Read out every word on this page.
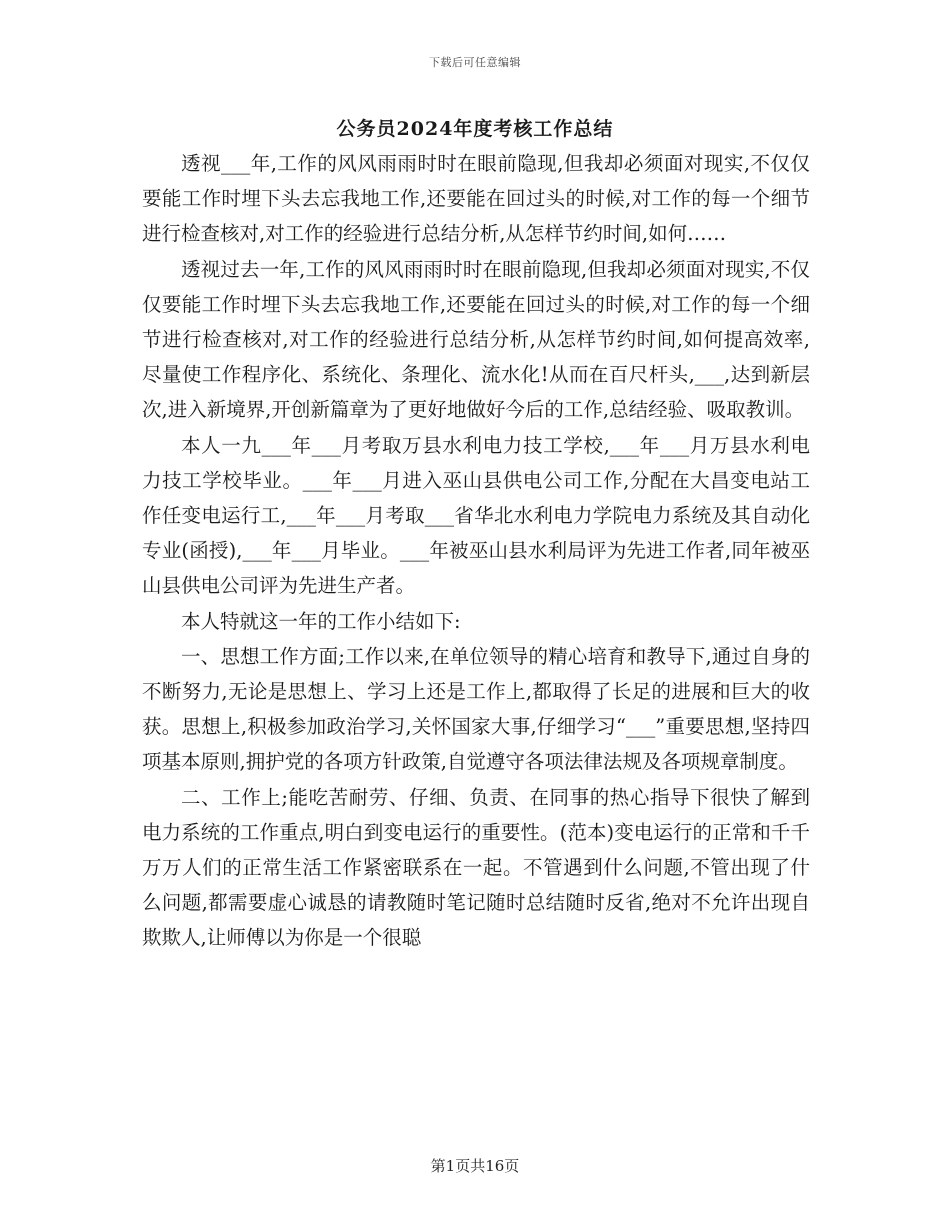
下载后可任意编辑
公务员2024年度考核工作总结

透视___年,工作的风风雨雨时时在眼前隐现,但我却必须面对现实,不仅仅要能工作时埋下头去忘我地工作,还要能在回过头的时候,对工作的每一个细节进行检查核对,对工作的经验进行总结分析,从怎样节约时间,如何……

透视过去一年,工作的风风雨雨时时在眼前隐现,但我却必须面对现实,不仅仅要能工作时埋下头去忘我地工作,还要能在回过头的时候,对工作的每一个细节进行检查核对,对工作的经验进行总结分析,从怎样节约时间,如何提高效率,尽量使工作程序化、系统化、条理化、流水化!从而在百尺杆头,___,达到新层次,进入新境界,开创新篇章为了更好地做好今后的工作,总结经验、吸取教训。

本人一九___年___月考取万县水利电力技工学校,___年___月万县水利电力技工学校毕业。___年___月进入巫山县供电公司工作,分配在大昌变电站工作任变电运行工,___年___月考取___省华北水利电力学院电力系统及其自动化专业(函授),___年___月毕业。___年被巫山县水利局评为先进工作者,同年被巫山县供电公司评为先进生产者。

本人特就这一年的工作小结如下:

一、思想工作方面;工作以来,在单位领导的精心培育和教导下,通过自身的不断努力,无论是思想上、学习上还是工作上,都取得了长足的进展和巨大的收获。思想上,积极参加政治学习,关怀国家大事,仔细学习“___”重要思想,坚持四项基本原则,拥护党的各项方针政策,自觉遵守各项法律法规及各项规章制度。

二、工作上;能吃苦耐劳、仔细、负责、在同事的热心指导下很快了解到电力系统的工作重点,明白到变电运行的重要性。(范本)变电运行的正常和千千万万人们的正常生活工作紧密联系在一起。不管遇到什么问题,不管出现了什么问题,都需要虚心诚恳的请教随时笔记随时总结随时反省,绝对不允许出现自欺欺人,让师傅以为你是一个很聪

第1页共16页
